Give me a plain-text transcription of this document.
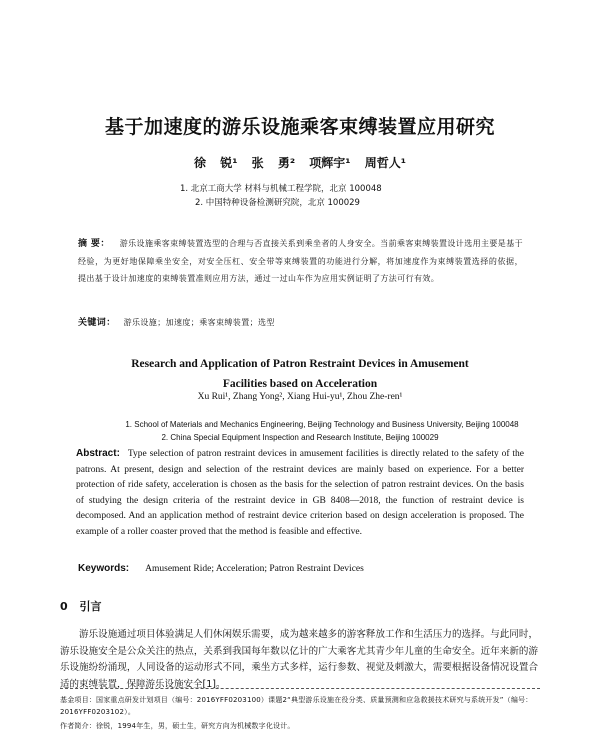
基于加速度的游乐设施乘客束缚装置应用研究
徐 锐¹ 张 勇² 项辉宇¹ 周哲人¹
1. 北京工商大学 材料与机械工程学院，北京 100048
2. 中国特种设备检测研究院，北京 100029
摘 要： 游乐设施乘客束缚装置选型的合理与否直接关系到乘坐者的人身安全。当前乘客束缚装置设计选用主要是基于经验，为更好地保障乘坐安全，对安全压杠、安全带等束缚装置的功能进行分解，将加速度作为束缚装置选择的依据，提出基于设计加速度的束缚装置准则应用方法，通过一过山车作为应用实例证明了方法可行有效。
关键词： 游乐设施；加速度；乘客束缚装置；选型
Research and Application of Patron Restraint Devices in Amusement
Facilities based on Acceleration
Xu Rui¹, Zhang Yong², Xiang Hui-yu¹, Zhou Zhe-ren¹
1. School of Materials and Mechanics Engineering, Beijing Technology and Business University, Beijing 100048
2. China Special Equipment Inspection and Research Institute, Beijing 100029
Abstract: Type selection of patron restraint devices in amusement facilities is directly related to the safety of the patrons. At present, design and selection of the restraint devices are mainly based on experience. For a better protection of ride safety, acceleration is chosen as the basis for the selection of patron restraint devices. On the basis of studying the design criteria of the restraint device in GB 8408—2018, the function of restraint device is decomposed. And an application method of restraint device criterion based on design acceleration is proposed. The example of a roller coaster proved that the method is feasible and effective.
Keywords: Amusement Ride; Acceleration; Patron Restraint Devices
0 引言
游乐设施通过项目体验满足人们休闲娱乐需要，成为越来越多的游客释放工作和生活压力的选择。与此同时，游乐设施安全是公众关注的热点，关系到我国每年数以亿计的广大乘客尤其青少年儿童的生命安全。近年来新的游乐设施纷纷涌现，人同设备的运动形式不同，乘坐方式多样，运行参数、视觉及刺激大，需要根据设备情况设置合适的束缚装置，保障游乐设施安全[1]。
基金项目：国家重点研发计划项目（编号：2016YFF0203100）课题2“典型游乐设施在役分类、质量预测和应急救援技术研究与系统开发”（编号：2016YFF0203102）。
作者简介：徐锐，1994年生，男，硕士生，研究方向为机械数字化设计。
